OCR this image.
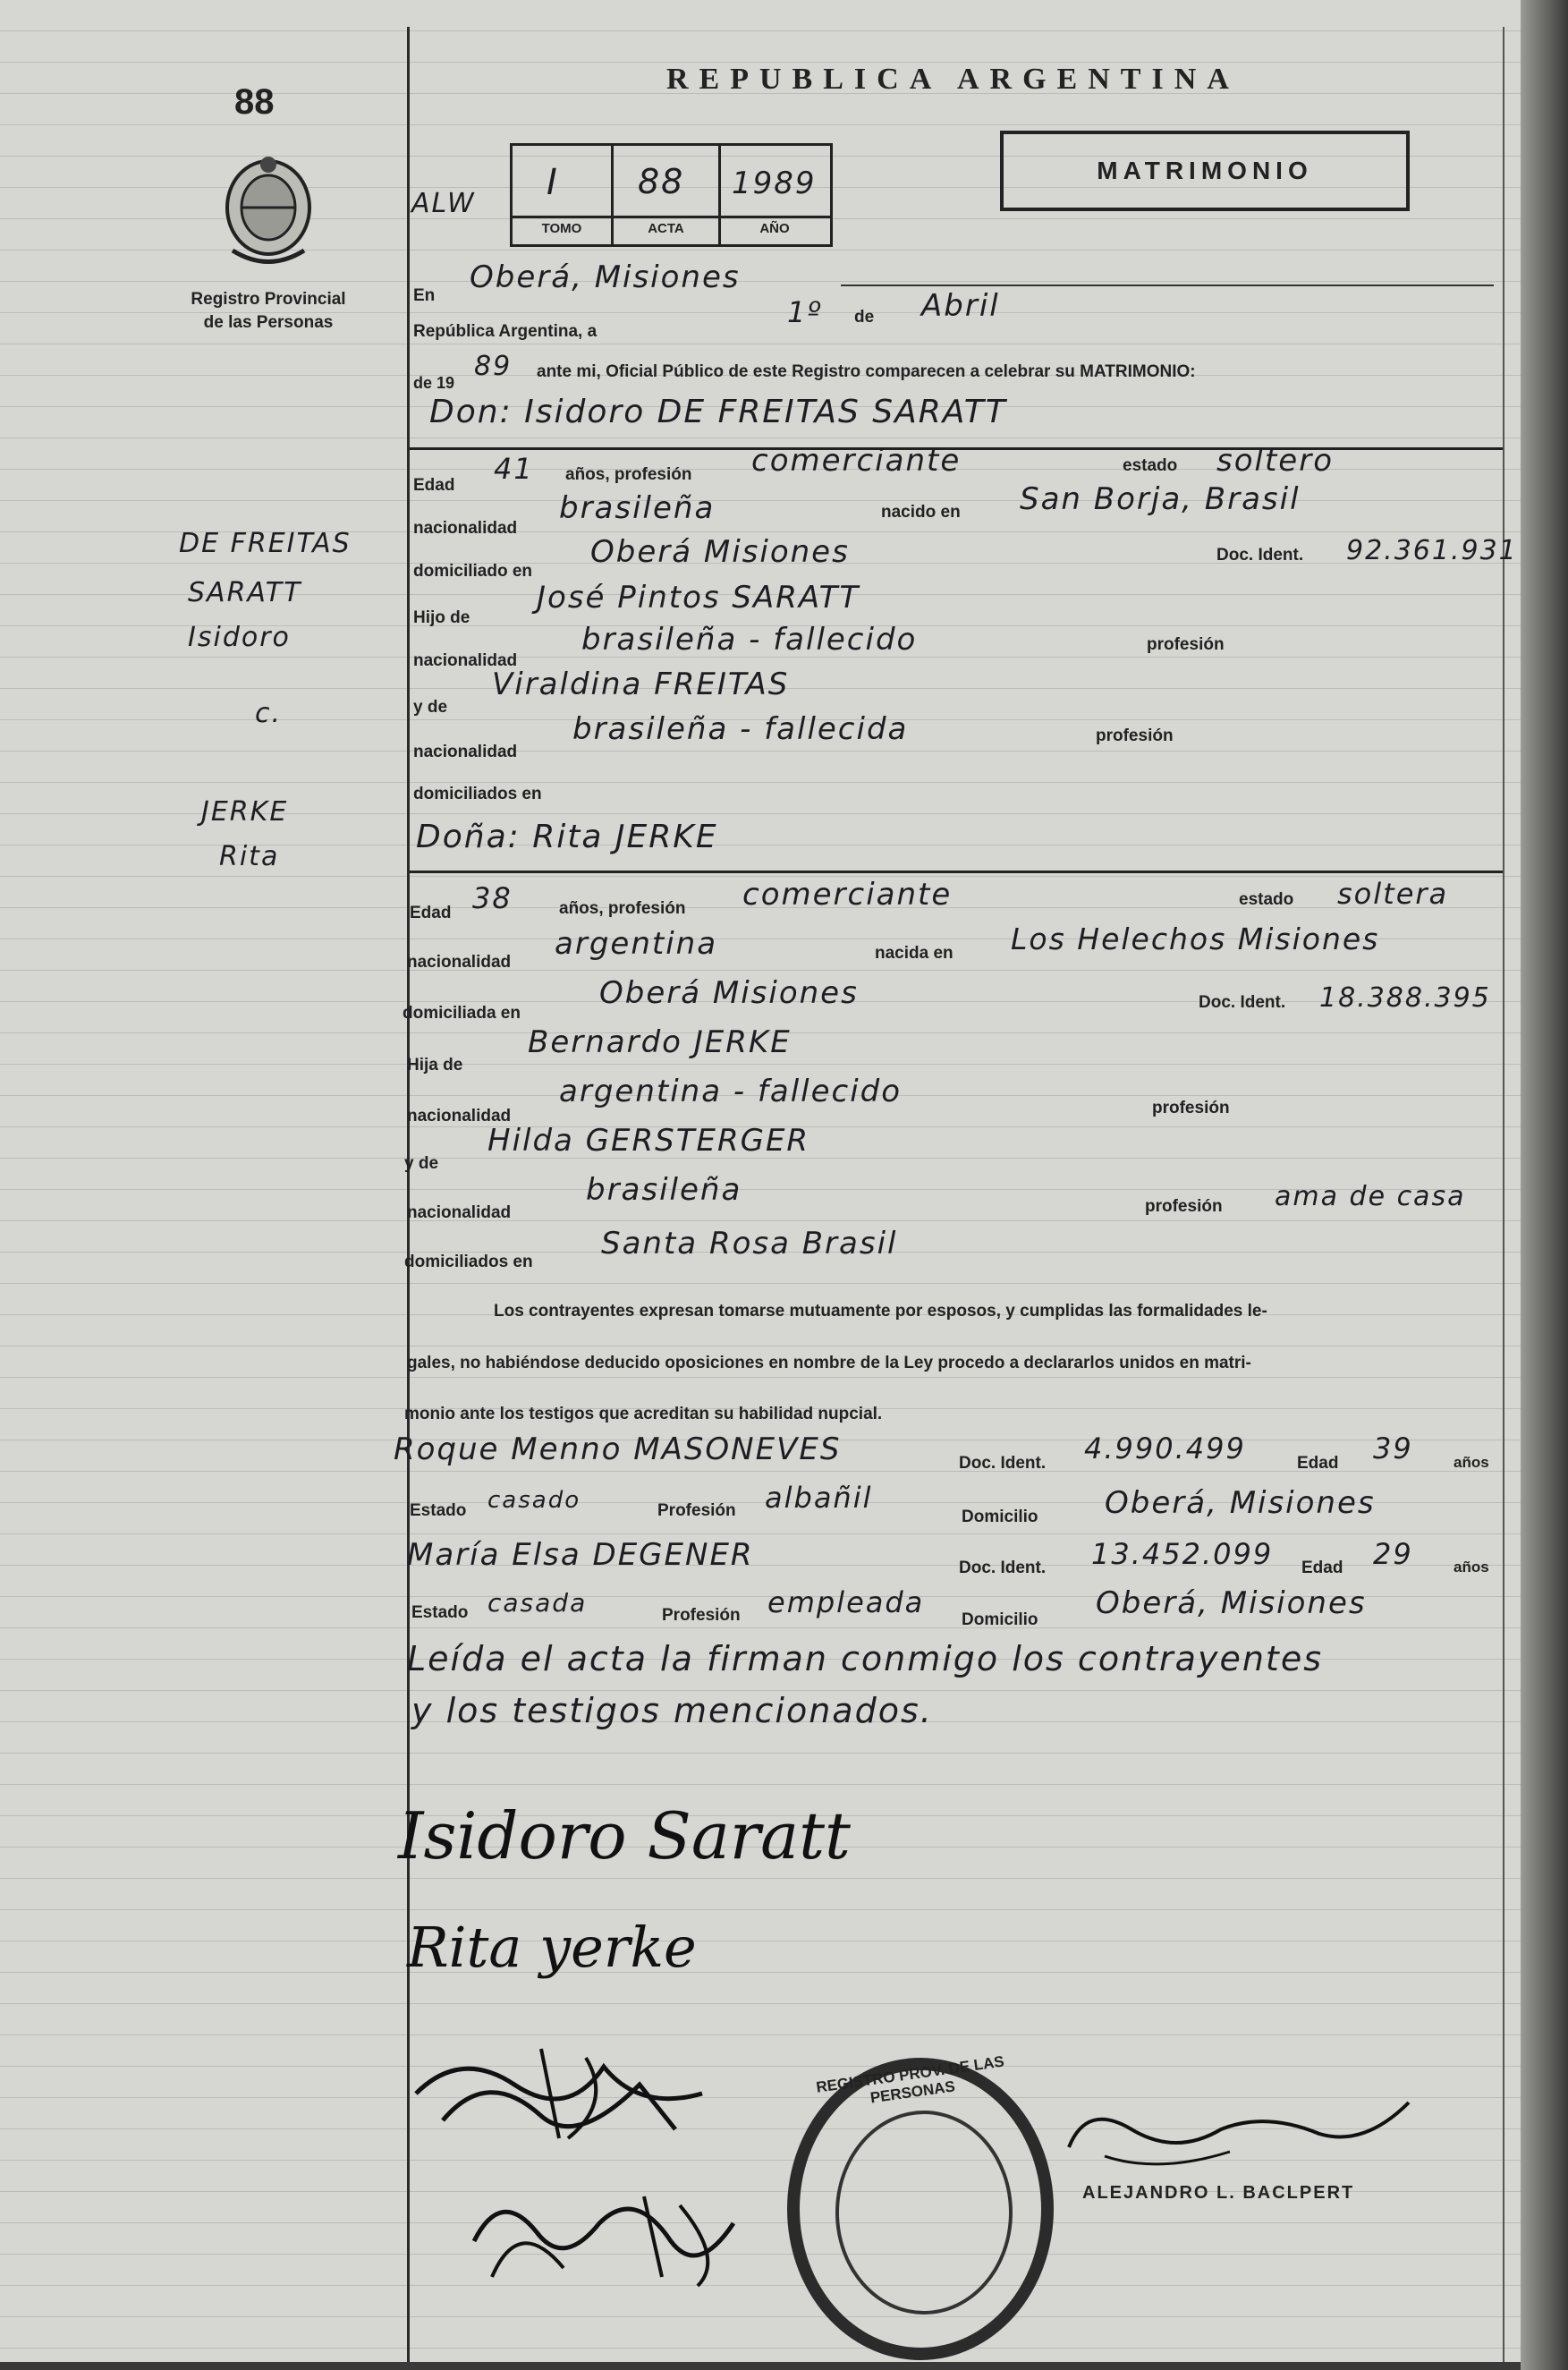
88
Registro Provincial
de las Personas
REPUBLICA ARGENTINA
MATRIMONIO
ALW
I 88 1989
TOMO	ACTA	AÑO
DE FREITAS
SARATT
Isidoro
c.
JERKE
Rita
En
Oberá, Misiones
República Argentina, a
1º de Abril
de 19
89 ante mi, Oficial Público de este Registro comparecen a celebrar su MATRIMONIO:
Don: Isidoro DE FREITAS SARATT
Edad 41 años, profesión comerciante	estado soltero
nacionalidad
brasileña	nacido en San Borja, Brasil
domiciliado en
Oberá Misiones	Doc. Ident. 92.361.931
Hijo de
José Pintos SARATT
nacionalidad
brasileña - fallecido	profesión
y de
Viraldina FREITAS
nacionalidad
brasileña - fallecida	profesión
domiciliados en
Doña: Rita JERKE
Edad 38	años, profesión comerciante	estado soltera
nacionalidad
argentina	nacida en Los Helechos Misiones
domiciliada en
Oberá Misiones	Doc. Ident. 18.388.395
Hija de
Bernardo JERKE
nacionalidad
argentina - fallecido	profesión
y de
Hilda GERSTERGER
nacionalidad
brasileña	profesión ama de casa
domiciliados en
Santa Rosa Brasil
Los contrayentes expresan tomarse mutuamente por esposos, y cumplidas las formalidades le-
gales, no habiéndose deducido oposiciones en nombre de la Ley procedo a declararlos unidos en matri-
monio ante los testigos que acreditan su habilidad nupcial.
Roque Menno MASONEVES	Doc. Ident. 4.990.499	Edad 39	años
Estado casado	Profesión albañil
Domicilio Oberá, Misiones
María Elsa DEGENER	Doc. Ident. 13.452.099 Edad 29	años
Estado casada	Profesión empleada
Domicilio Oberá, Misiones
Leída el acta la firman conmigo los contrayentes
y los testigos mencionados.
Isidoro Saratt
Rita yerke
ALEJANDRO L. BACLPERT
REGISTRO PROV. DE LAS PERSONAS
